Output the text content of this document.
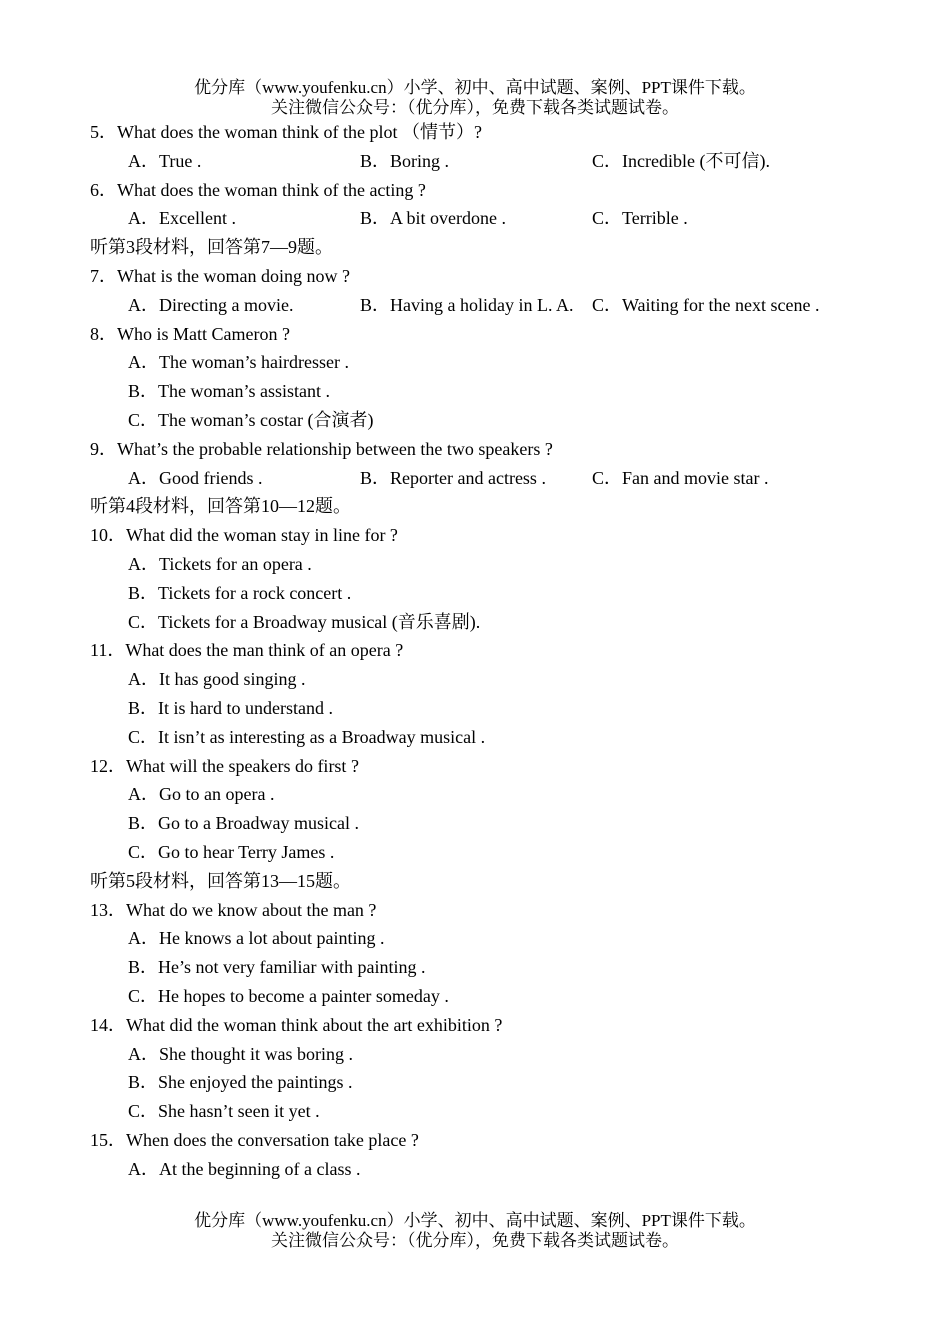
优分库（www.youfenku.cn）小学、初中、高中试题、案例、PPT课件下载。
关注微信公众号：（优分库），免费下载各类试题试卷。
5．What does the woman think of the plot （情节）?
A．True .	B．Boring .	C．Incredible (不可信).
6．What does the woman think of the acting ?
A．Excellent .	B．A bit overdone .	C．Terrible .
听第3段材料，回答第7—9题。
7．What is the woman doing now ?
A．Directing a movie.	B．Having a holiday in L. A. C．Waiting for the next scene .
8．Who is Matt Cameron ?
A．The woman’s hairdresser .
B．The woman’s assistant .
C．The woman’s costar (合演者)
9．What’s the probable relationship between the two speakers ?
A．Good friends .	B．Reporter and actress .	C．Fan and movie star .
听第4段材料，回答第10—12题。
10．What did the woman stay in line for ?
A．Tickets for an opera .
B．Tickets for a rock concert .
C．Tickets for a Broadway musical (音乐喜剧).
11．What does the man think of an opera ?
A．It has good singing .
B．It is hard to understand .
C．It isn’t as interesting as a Broadway musical .
12．What will the speakers do first ?
A．Go to an opera .
B．Go to a Broadway musical .
C．Go to hear Terry James .
听第5段材料，回答第13—15题。
13．What do we know about the man ?
A．He knows a lot about painting .
B．He’s not very familiar with painting .
C．He hopes to become a painter someday .
14．What did the woman think about the art exhibition ?
A．She thought it was boring .
B．She enjoyed the paintings .
C．She hasn’t seen it yet .
15．When does the conversation take place ?
A．At the beginning of a class .
优分库（www.youfenku.cn）小学、初中、高中试题、案例、PPT课件下载。
关注微信公众号：（优分库），免费下载各类试题试卷。
